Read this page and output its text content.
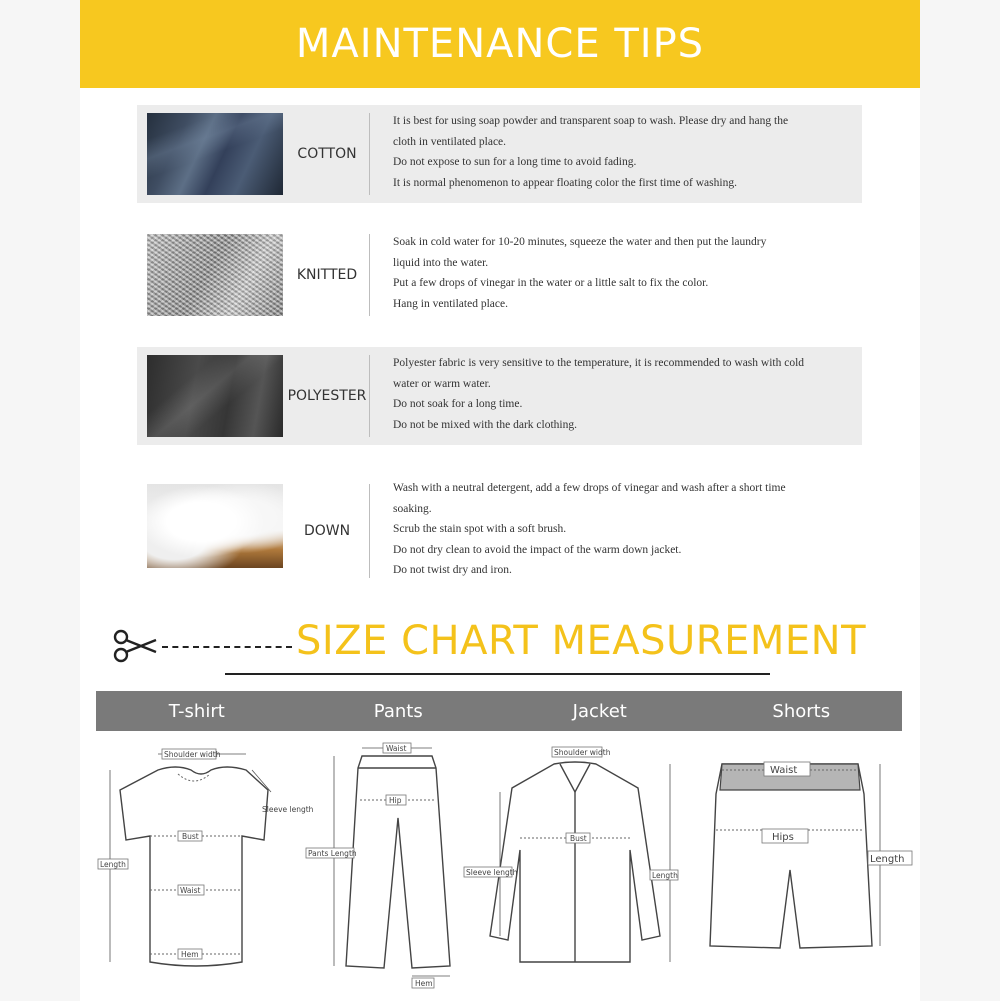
MAINTENANCE TIPS
COTTON
It is best for using soap powder and transparent soap to wash. Please dry and hang the
cloth in ventilated place.
Do not expose to sun for a long time to avoid fading.
It is normal phenomenon to appear floating color the first time of washing.
KNITTED
Soak in cold water for 10-20 minutes, squeeze the water and then put the laundry
liquid into the water.
Put a few drops of vinegar in the water or a little salt to fix the color.
Hang in ventilated place.
POLYESTER
Polyester fabric is very sensitive to the temperature, it is recommended to wash with cold
water or warm water.
Do not soak for a long time.
Do not be mixed with the dark clothing.
DOWN
Wash with a neutral detergent, add a few drops of vinegar and wash after a short time
soaking.
Scrub the stain spot with a soft brush.
Do not dry clean to avoid the impact of the warm down jacket.
Do not twist dry and iron.
SIZE CHART MEASUREMENT
T-shirt	Pants	Jacket	Shorts
Shoulder width
Sleeve length
Bust
Length
Waist
Hem
Waist
Hip
Pants Length
Hem
Shoulder width
Bust
Sleeve length	Length
Waist
Hips
Length
